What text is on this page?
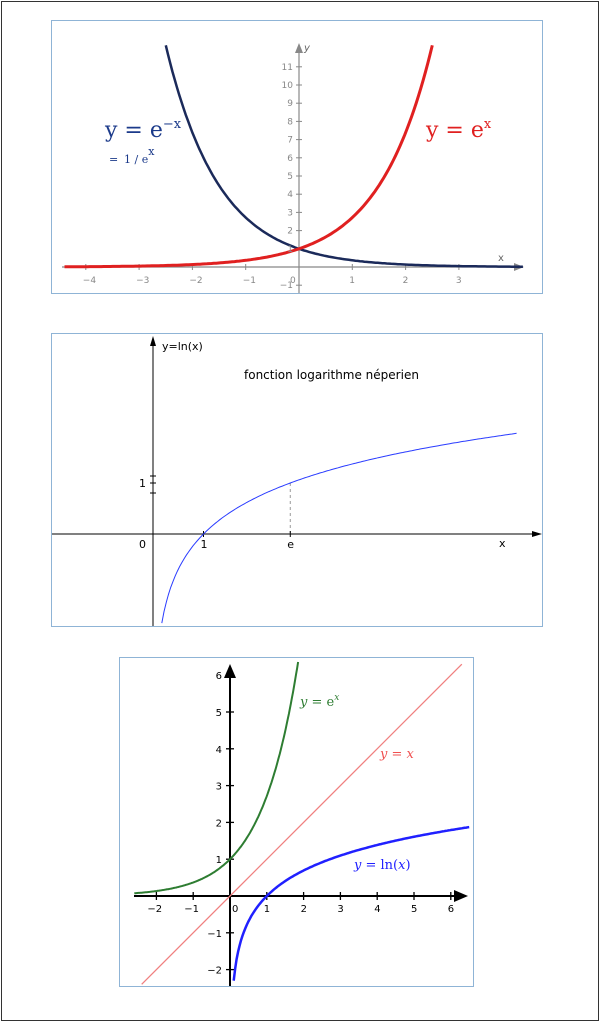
−4	−3	−2	−1	0	1	2	3
−1
1
2
3
4
5
6
7
8
9
10
11
x
y
$y = e^{-x}$
= $1 / e^x$
$y = e^x$
0	1	e
1
y=ln(x)
fonction logarithme néperien
x
−2 −1	0	1	2	3	4	5	6
−2
−1
1
2
3
4
5
6
$y = e^x$
y = x
y = ln(x)
